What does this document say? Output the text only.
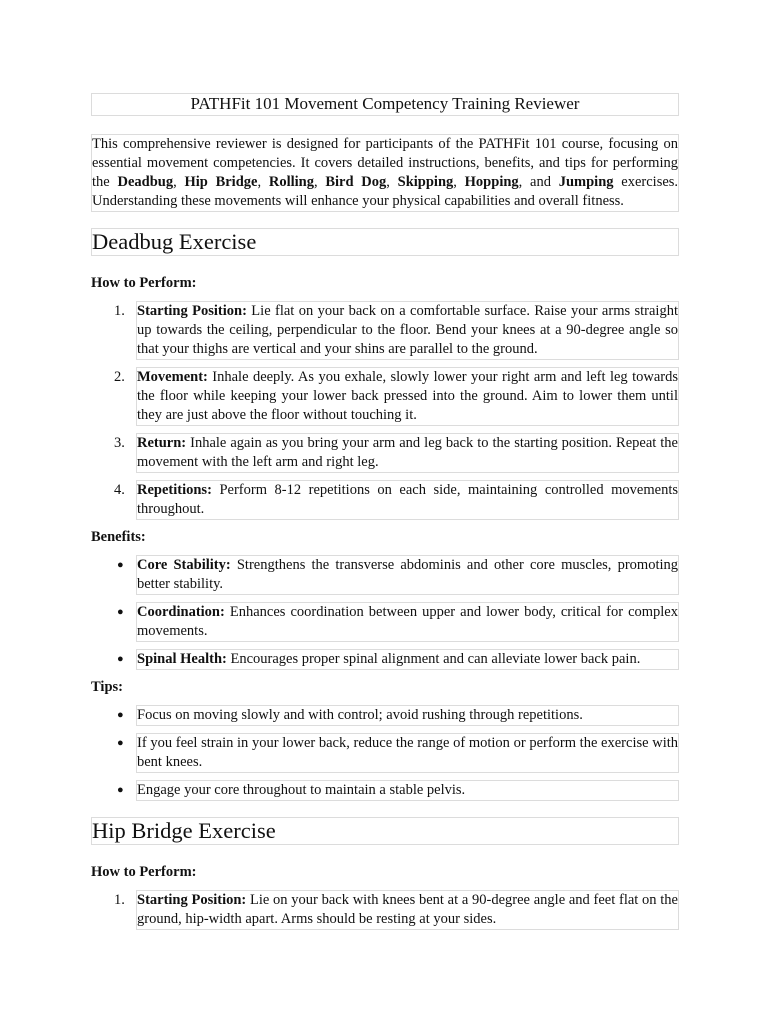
PATHFit 101 Movement Competency Training Reviewer
This comprehensive reviewer is designed for participants of the PATHFit 101 course, focusing on essential movement competencies. It covers detailed instructions, benefits, and tips for performing the Deadbug, Hip Bridge, Rolling, Bird Dog, Skipping, Hopping, and Jumping exercises. Understanding these movements will enhance your physical capabilities and overall fitness.
Deadbug Exercise
How to Perform:
1. Starting Position: Lie flat on your back on a comfortable surface. Raise your arms straight up towards the ceiling, perpendicular to the floor. Bend your knees at a 90-degree angle so that your thighs are vertical and your shins are parallel to the ground.
2. Movement: Inhale deeply. As you exhale, slowly lower your right arm and left leg towards the floor while keeping your lower back pressed into the ground. Aim to lower them until they are just above the floor without touching it.
3. Return: Inhale again as you bring your arm and leg back to the starting position. Repeat the movement with the left arm and right leg.
4. Repetitions: Perform 8-12 repetitions on each side, maintaining controlled movements throughout.
Benefits:
● Core Stability: Strengthens the transverse abdominis and other core muscles, promoting better stability.
● Coordination: Enhances coordination between upper and lower body, critical for complex movements.
● Spinal Health: Encourages proper spinal alignment and can alleviate lower back pain.
Tips:
● Focus on moving slowly and with control; avoid rushing through repetitions.
● If you feel strain in your lower back, reduce the range of motion or perform the exercise with bent knees.
● Engage your core throughout to maintain a stable pelvis.
Hip Bridge Exercise
How to Perform:
1. Starting Position: Lie on your back with knees bent at a 90-degree angle and feet flat on the ground, hip-width apart. Arms should be resting at your sides.
